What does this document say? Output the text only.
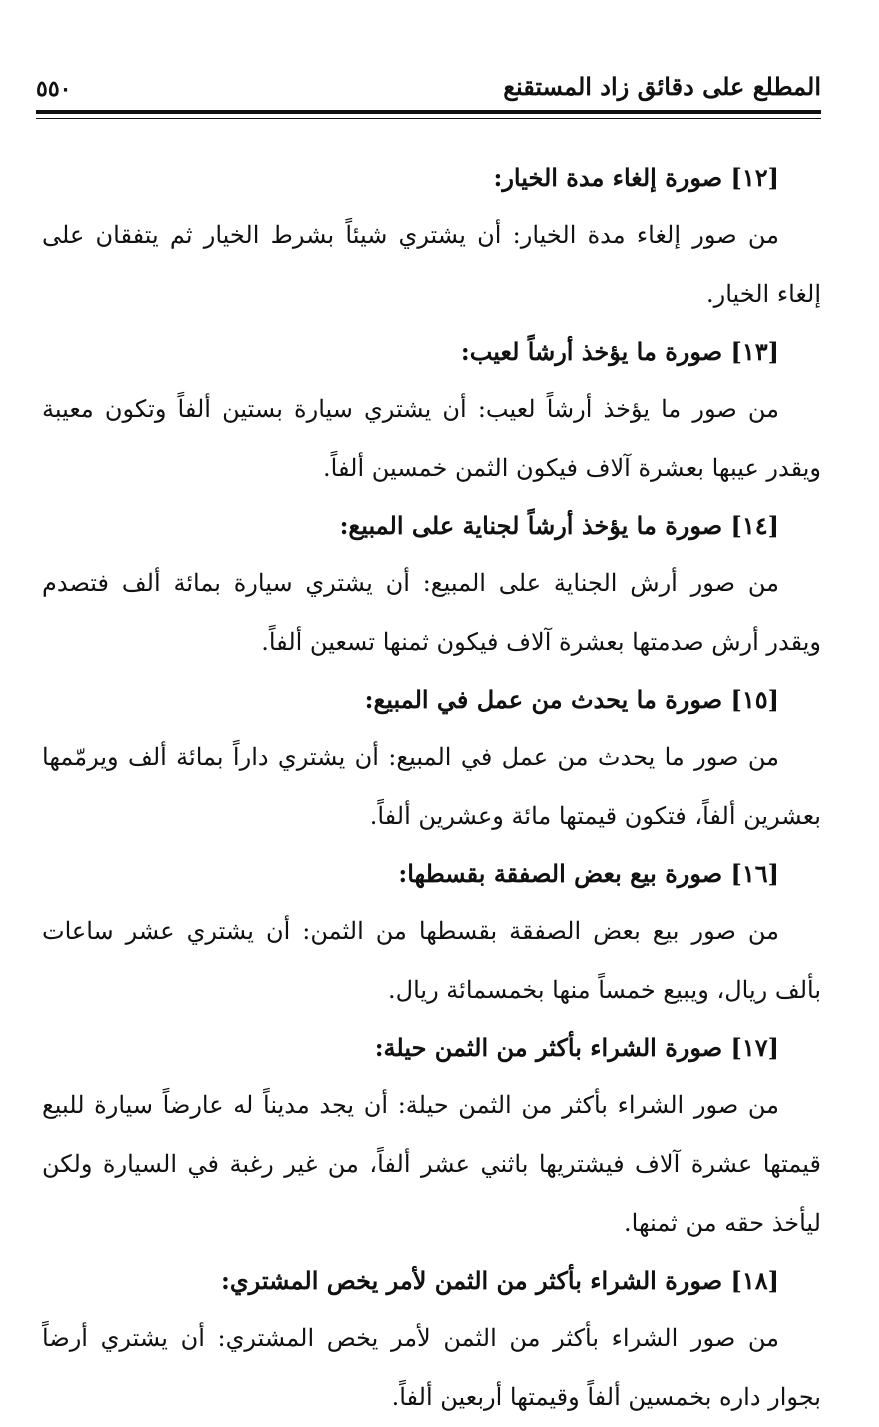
٥٥٠	المطلع على دقائق زاد المستقنع

[١٢] صورة إلغاء مدة الخيار:

من صور إلغاء مدة الخيار: أن يشتري شيئاً بشرط الخيار ثم يتفقان على إلغاء الخيار.

[١٣] صورة ما يؤخذ أرشاً لعيب:

من صور ما يؤخذ أرشاً لعيب: أن يشتري سيارة بستين ألفاً وتكون معيبة ويقدر عيبها بعشرة آلاف فيكون الثمن خمسين ألفاً.

[١٤] صورة ما يؤخذ أرشاً لجناية على المبيع:

من صور أرش الجناية على المبيع: أن يشتري سيارة بمائة ألف فتصدم ويقدر أرش صدمتها بعشرة آلاف فيكون ثمنها تسعين ألفاً.

[١٥] صورة ما يحدث من عمل في المبيع:

من صور ما يحدث من عمل في المبيع: أن يشتري داراً بمائة ألف ويرمّمها بعشرين ألفاً، فتكون قيمتها مائة وعشرين ألفاً.

[١٦] صورة بيع بعض الصفقة بقسطها:

من صور بيع بعض الصفقة بقسطها من الثمن: أن يشتري عشر ساعات بألف ريال، ويبيع خمساً منها بخمسمائة ريال.

[١٧] صورة الشراء بأكثر من الثمن حيلة:

من صور الشراء بأكثر من الثمن حيلة: أن يجد مديناً له عارضاً سيارة للبيع قيمتها عشرة آلاف فيشتريها باثني عشر ألفاً، من غير رغبة في السيارة ولكن ليأخذ حقه من ثمنها.

[١٨] صورة الشراء بأكثر من الثمن لأمر يخص المشتري:

من صور الشراء بأكثر من الثمن لأمر يخص المشتري: أن يشتري أرضاً بجوار داره بخمسين ألفاً وقيمتها أربعين ألفاً.
